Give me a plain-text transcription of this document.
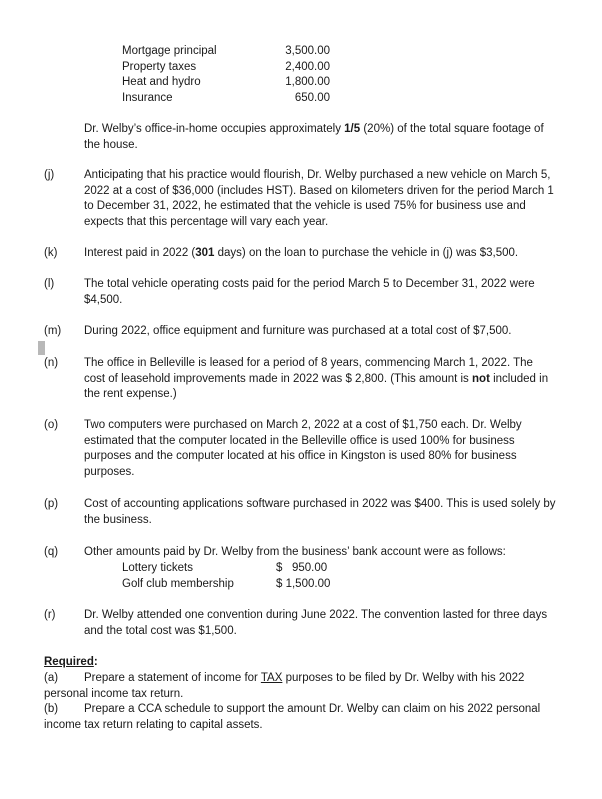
Mortgage principal	3,500.00
Property taxes	2,400.00
Heat and hydro	1,800.00
Insurance	650.00
Dr. Welby’s office-in-home occupies approximately 1/5 (20%) of the total square footage of the house.
(j)	Anticipating that his practice would flourish, Dr. Welby purchased a new vehicle on March 5, 2022 at a cost of $36,000 (includes HST). Based on kilometers driven for the period March 1 to December 31, 2022, he estimated that the vehicle is used 75% for business use and expects that this percentage will vary each year.
(k) Interest paid in 2022 (301 days) on the loan to purchase the vehicle in (j) was $3,500.
(l)	The total vehicle operating costs paid for the period March 5 to December 31, 2022 were $4,500.
(m) During 2022, office equipment and furniture was purchased at a total cost of $7,500.
(n) The office in Belleville is leased for a period of 8 years, commencing March 1, 2022. The cost of leasehold improvements made in 2022 was $ 2,800. (This amount is not included in the rent expense.)
(o) Two computers were purchased on March 2, 2022 at a cost of $1,750 each. Dr. Welby estimated that the computer located in the Belleville office is used 100% for business purposes and the computer located at his office in Kingston is used 80% for business purposes.
(p) Cost of accounting applications software purchased in 2022 was $400. This is used solely by the business.
(q) Other amounts paid by Dr. Welby from the business’ bank account were as follows:
Lottery tickets	$   950.00
Golf club membership	$ 1,500.00
(r) Dr. Welby attended one convention during June 2022. The convention lasted for three days and the total cost was $1,500.
Required:
(a) Prepare a statement of income for TAX purposes to be filed by Dr. Welby with his 2022 personal income tax return.
(b) Prepare a CCA schedule to support the amount Dr. Welby can claim on his 2022 personal income tax return relating to capital assets.
